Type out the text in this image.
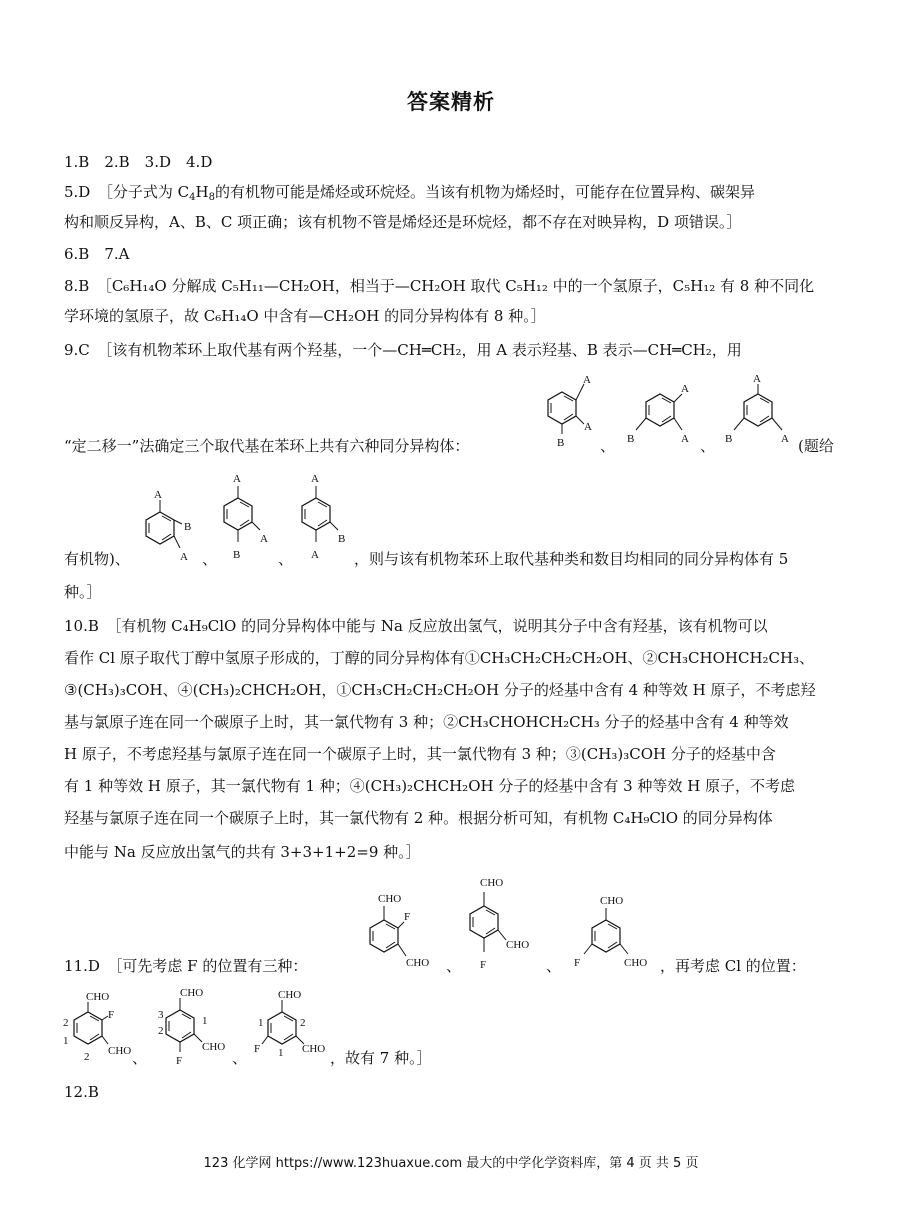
答案精析
1.B　2.B　3.D　4.D
5.D　［分子式为 $C_4H_8$的有机物可能是烯烃或环烷烃。当该有机物为烯烃时，可能存在位置异构、碳架异
构和顺反异构，A、B、C 项正确；该有机物不管是烯烃还是环烷烃，都不存在对映异构，D 项错误。］
6.B　7.A
8.B　［C₆H₁₄O 分解成 C₅H₁₁—CH₂OH，相当于—CH₂OH 取代 C₅H₁₂ 中的一个氢原子，C₅H₁₂ 有 8 种不同化
学环境的氢原子，故 C₆H₁₄O 中含有—CH₂OH 的同分异构体有 8 种。］
9.C　［该有机物苯环上取代基有两个羟基，一个—CH═CH₂，用 A 表示羟基、B 表示—CH═CH₂，用
“定二移一”法确定三个取代基在苯环上共有六种同分异构体：	、	、	(题给
有机物)、	、	、	，则与该有机物苯环上取代基种类和数目均相同的同分异构体有 5
种。］
A
A
B
A
A
B
A
A
B
A
A
B
A
A
B
A
B
A
10.B　［有机物 C₄H₉ClO 的同分异构体中能与 Na 反应放出氢气，说明其分子中含有羟基，该有机物可以
看作 Cl 原子取代丁醇中氢原子形成的，丁醇的同分异构体有①CH₃CH₂CH₂CH₂OH、②CH₃CHOHCH₂CH₃、
③(CH₃)₃COH、④(CH₃)₂CHCH₂OH，①CH₃CH₂CH₂CH₂OH 分子的烃基中含有 4 种等效 H 原子，不考虑羟
基与氯原子连在同一个碳原子上时，其一氯代物有 3 种；②CH₃CHOHCH₂CH₃ 分子的烃基中含有 4 种等效
H 原子，不考虑羟基与氯原子连在同一个碳原子上时，其一氯代物有 3 种；③(CH₃)₃COH 分子的烃基中含
有 1 种等效 H 原子，其一氯代物有 1 种；④(CH₃)₂CHCH₂OH 分子的烃基中含有 3 种等效 H 原子，不考虑
羟基与氯原子连在同一个碳原子上时，其一氯代物有 2 种。根据分析可知，有机物 C₄H₉ClO 的同分异构体
中能与 Na 反应放出氢气的共有 3+3+1+2=9 种。］
11.D　［可先考虑 F 的位置有三种：	、	、	，再考虑 Cl 的位置：
、	、	，故有 7 种。］
12.B
CHO
F
CHO
CHO
CHO
F
CHO
F	CHO
CHO
F
CHO
2
1
2
CHO
CHO
F
3
2
1
CHO
CHO
F
1	2
1
123 化学网 https://www.123huaxue.com 最大的中学化学资料库，第 4 页 共 5 页
